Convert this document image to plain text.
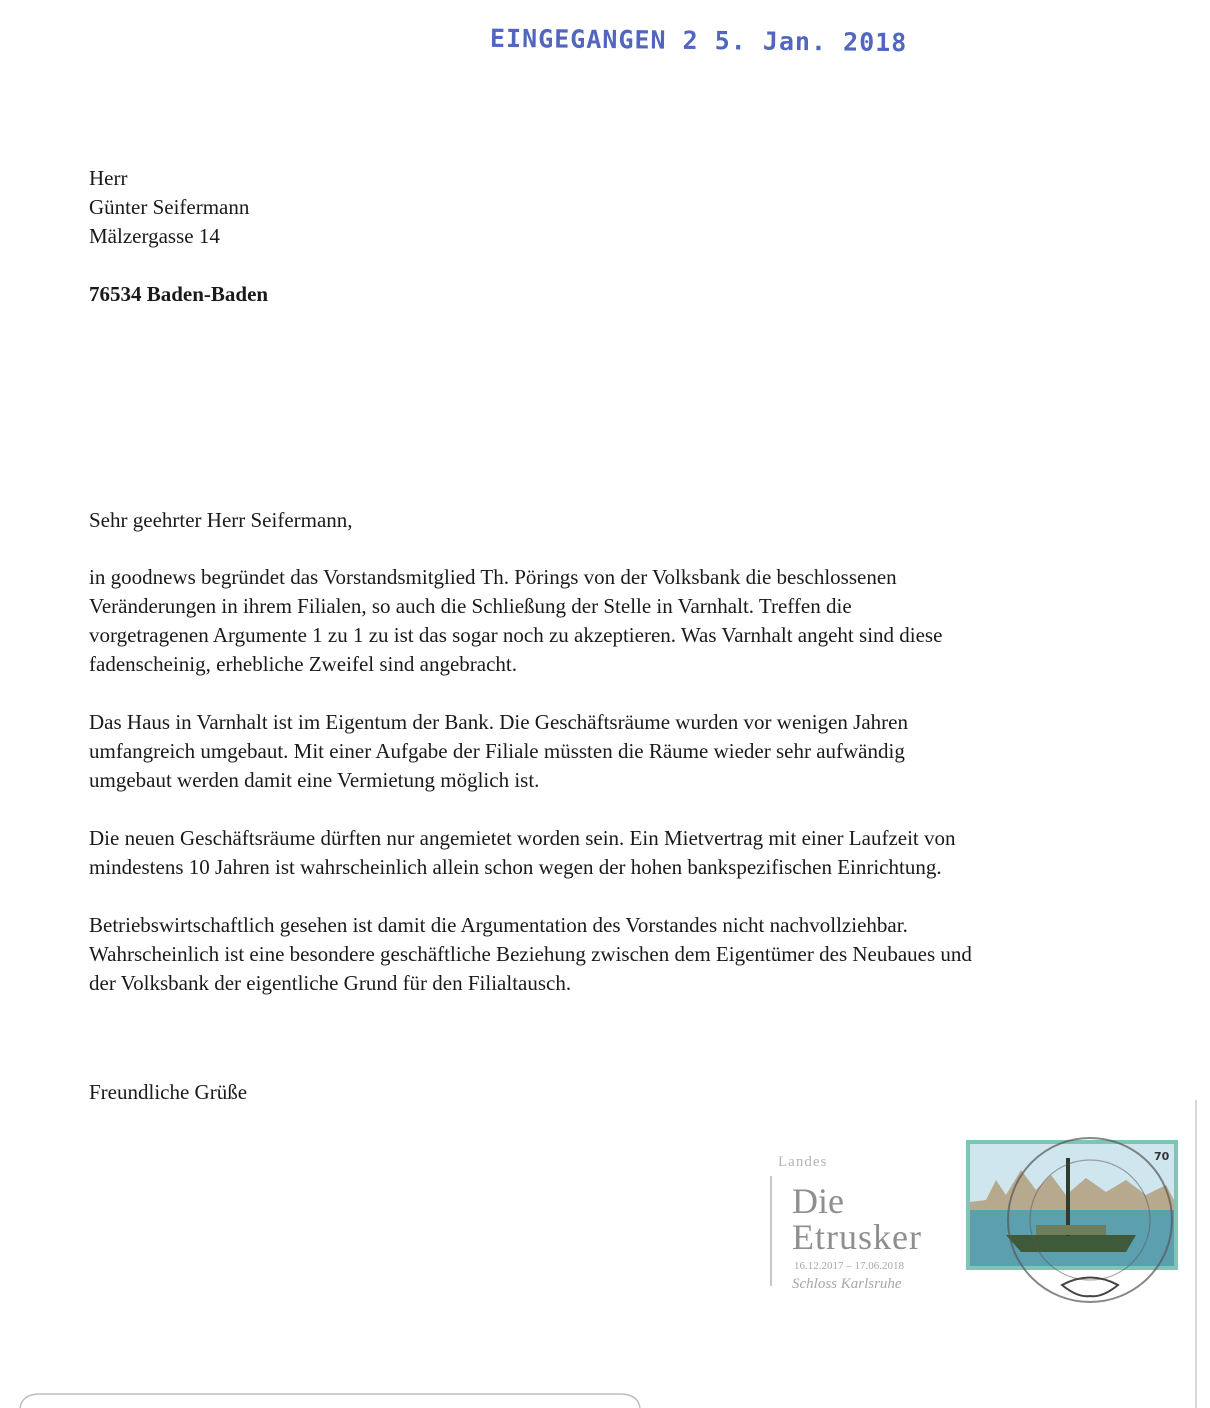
EINGEGANGEN 2 5. Jan. 2018
Herr
Günter Seifermann
Mälzergasse 14
76534 Baden-Baden
Sehr geehrter Herr Seifermann,

in goodnews begründet das Vorstandsmitglied Th. Pörings von der Volksbank die beschlossenen
Veränderungen in ihrem Filialen, so auch die Schließung der Stelle in Varnhalt. Treffen die
vorgetragenen Argumente 1 zu 1 zu ist das sogar noch zu akzeptieren. Was Varnhalt angeht sind diese
fadenscheinig, erhebliche Zweifel sind angebracht.

Das Haus in Varnhalt ist im Eigentum der Bank. Die Geschäftsräume wurden vor wenigen Jahren
umfangreich umgebaut. Mit einer Aufgabe der Filiale müssten die Räume wieder sehr aufwändig
umgebaut werden damit eine Vermietung möglich ist.

Die neuen Geschäftsräume dürften nur angemietet worden sein. Ein Mietvertrag mit einer Laufzeit von
mindestens 10 Jahren ist wahrscheinlich allein schon wegen der hohen bankspezifischen Einrichtung.

Betriebswirtschaftlich gesehen ist damit die Argumentation des Vorstandes nicht nachvollziehbar.
Wahrscheinlich ist eine besondere geschäftliche Beziehung zwischen dem Eigentümer des Neubaues und
der Volksbank der eigentliche Grund für den Filialtausch.

Freundliche Grüße
Landes
Die
Etrusker
16.12.2017 – 17.06.2018
Schloss Karlsruhe
70
